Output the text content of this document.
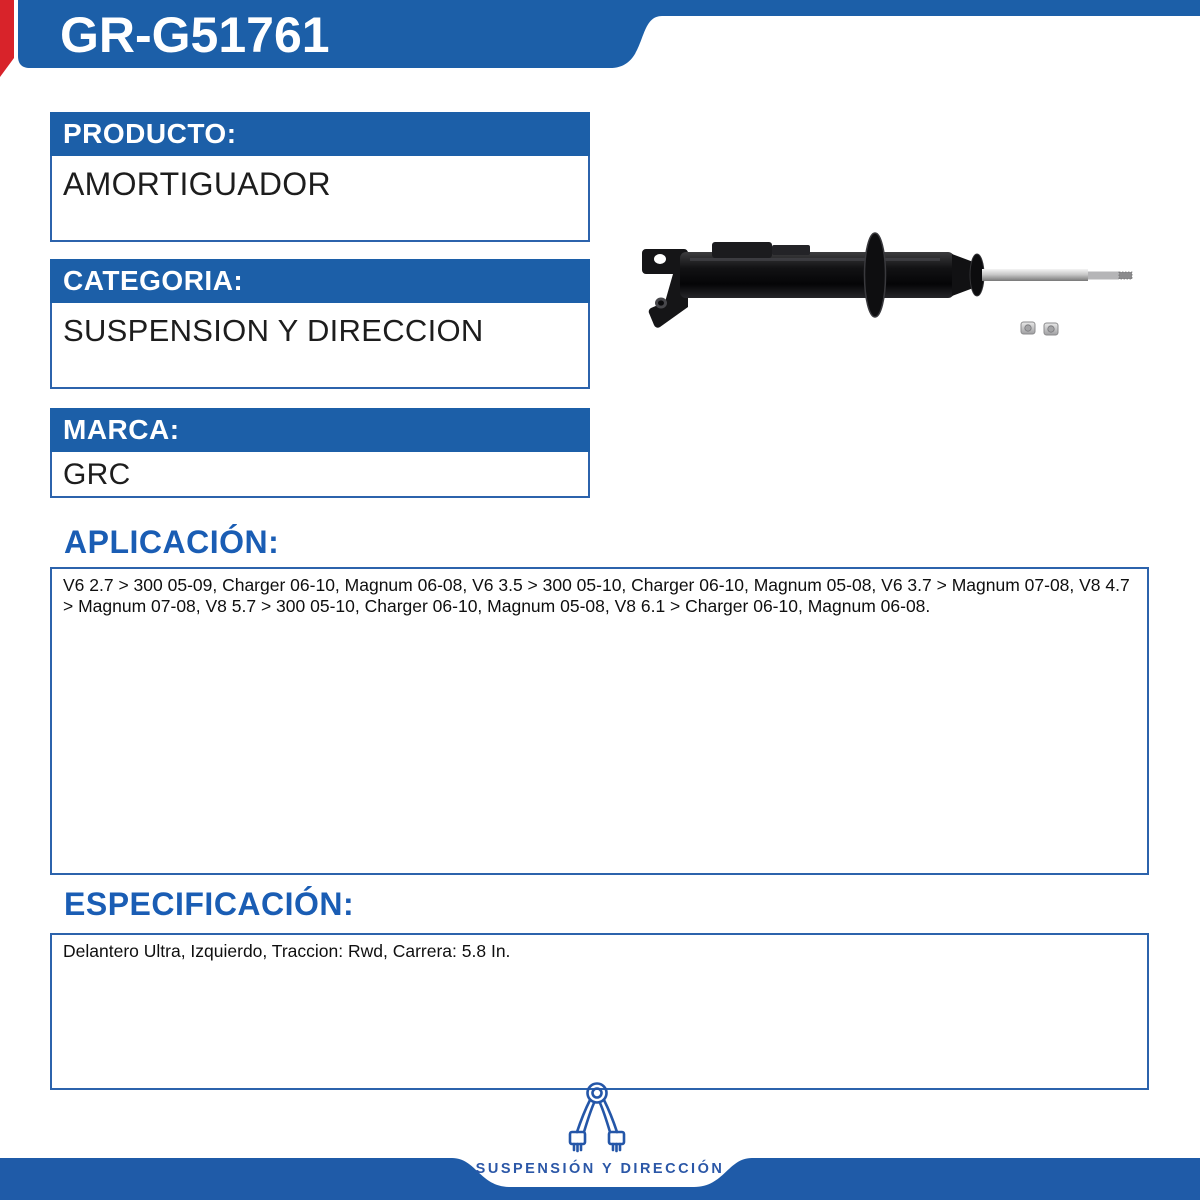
GR-G51761
PRODUCTO:
AMORTIGUADOR
CATEGORIA:
SUSPENSION Y DIRECCION
MARCA:
GRC
APLICACIÓN:
V6 2.7 > 300 05-09, Charger 06-10, Magnum 06-08, V6 3.5 > 300 05-10, Charger 06-10, Magnum 05-08, V6 3.7 > Magnum 07-08, V8 4.7 > Magnum 07-08, V8 5.7 > 300 05-10, Charger 06-10, Magnum 05-08, V8 6.1 > Charger 06-10, Magnum 06-08.
ESPECIFICACIÓN:
Delantero Ultra, Izquierdo, Traccion: Rwd, Carrera: 5.8 In.
SUSPENSIÓN Y DIRECCIÓN
